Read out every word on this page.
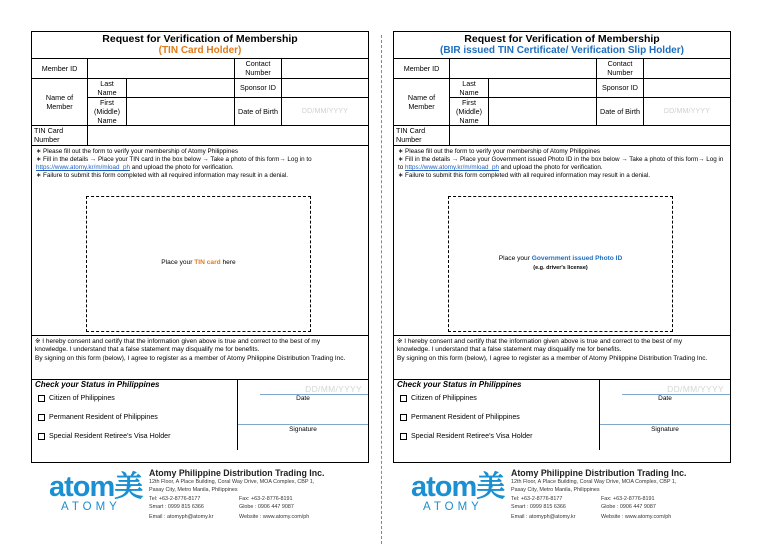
Request for Verification of Membership
(TIN Card Holder)
Member ID			Contact Number	
Name of Member	Last Name		Sponsor ID	
	First (Middle) Name		Date of Birth	DD/MM/YYYY
TIN Card Number				

∗ Please fill out the form to verify your membership of Atomy Philippines

∗ Fill in the details → Place your TIN card in the box below → Take a photo of this form→ Log in to https://www.atomy.kr/m/mload_ph and upload the photo for verification.

∗ Failure to submit this form completed with all required information may result in a denial.

Place your TIN card here

※ I hereby consent and certify that the information given above is true and correct to the best of my

knowledge. I understand that a false statement may disqualify me for benefits.

By signing on this form (below), I agree to register as a member of Atomy Philippine Distribution Trading Inc.

Check your Status in Philippines
Citizen of Philippines
Permanent Resident of Philippines
Special Resident Retiree's Visa Holder
DD/MM/YYYY
Date
Signature
Request for Verification of Membership
(BIR issued TIN Certificate/ Verification Slip Holder)
Member ID			Contact Number	
Name of Member	Last Name		Sponsor ID	
	First (Middle) Name		Date of Birth	DD/MM/YYYY
TIN Card Number				

∗ Please fill out the form to verify your membership of Atomy Philippines

∗ Fill in the details → Place your Government issued Photo ID in the box below → Take a photo of this form→ Log in to https://www.atomy.kr/m/mload_ph and upload the photo for verification.

∗ Failure to submit this form completed with all required information may result in a denial.

Place your Government issued Photo ID
(e.g. driver's license)

※ I hereby consent and certify that the information given above is true and correct to the best of my

knowledge. I understand that a false statement may disqualify me for benefits.

By signing on this form (below), I agree to register as a member of Atomy Philippine Distribution Trading Inc.

Check your Status in Philippines
Citizen of Philippines
Permanent Resident of Philippines
Special Resident Retiree's Visa Holder
DD/MM/YYYY
Date
Signature
atom美
ATOMY
Atomy Philippine Distribution Trading Inc.
12th Floor, A Place Building, Coral Way Drive, MOA Complex, CBP 1,
Pasay City, Metro Manila, Philippines
Tel: +63-2-8776-8177	Fax: +63-2-8776-8191
Smart : 0999 815 6366	Globe : 0906 447 9087
Email : atomyph@atomy.kr	Website : www.atomy.com/ph
atom美
ATOMY
Atomy Philippine Distribution Trading Inc.
12th Floor, A Place Building, Coral Way Drive, MOA Complex, CBP 1,
Pasay City, Metro Manila, Philippines
Tel: +63-2-8776-8177	Fax: +63-2-8776-8191
Smart : 0999 815 6366	Globe : 0906 447 9087
Email : atomyph@atomy.kr	Website : www.atomy.com/ph
